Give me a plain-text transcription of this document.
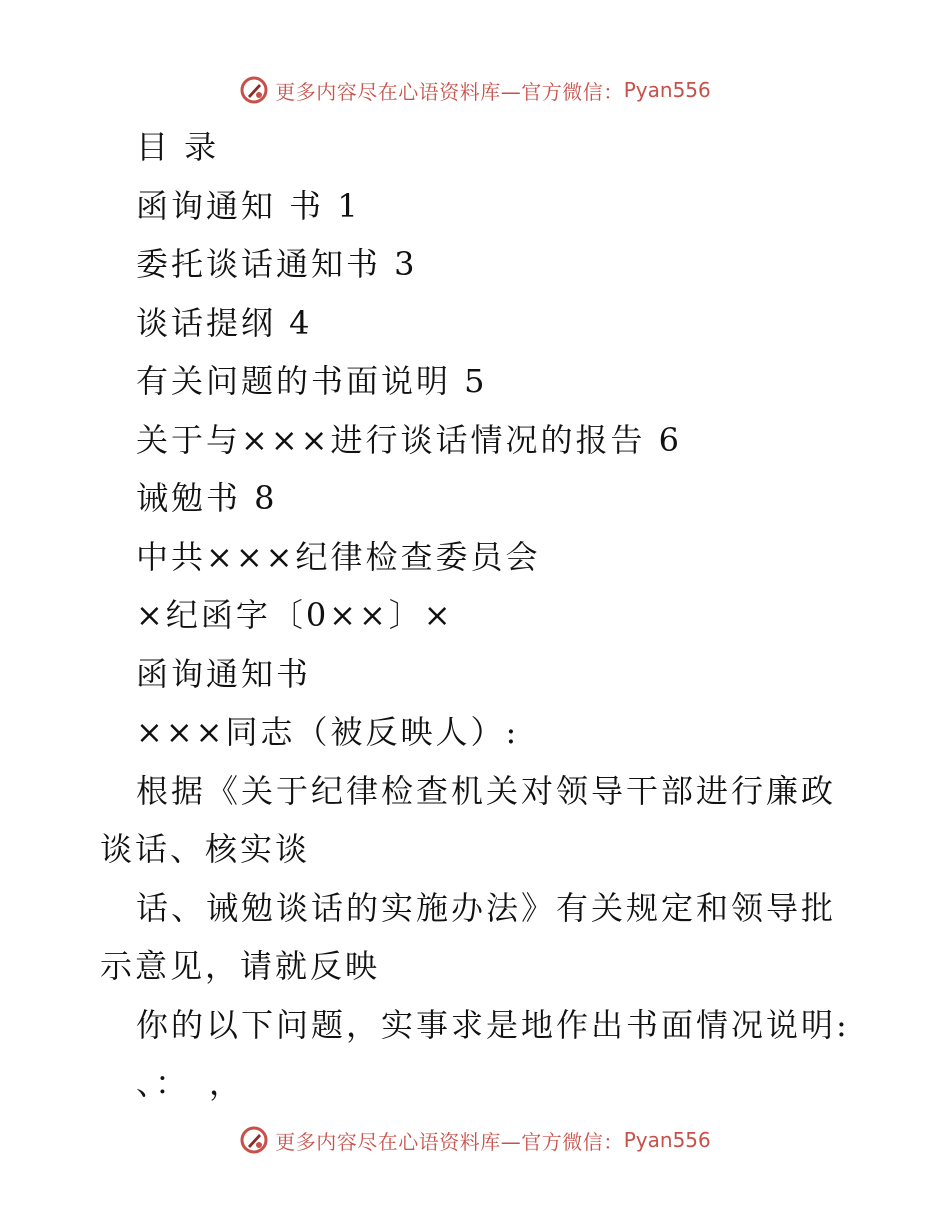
更多内容尽在心语资料库—官方微信： Pyan556

目 录

函询通知 书 1

委托谈话通知书 3

谈话提纲 4

有关问题的书面说明 5

关于与×××进行谈话情况的报告 6

诫勉书 8

中共×××纪律检查委员会

×纪函字〔0××〕×

函询通知书

×××同志（被反映人）:

根据《关于纪律检查机关对领导干部进行廉政谈话、核实谈

话、诫勉谈话的实施办法》有关规定和领导批示意见，请就反映

你的以下问题，实事求是地作出书面情况说明:

、：　，

更多内容尽在心语资料库—官方微信： Pyan556
